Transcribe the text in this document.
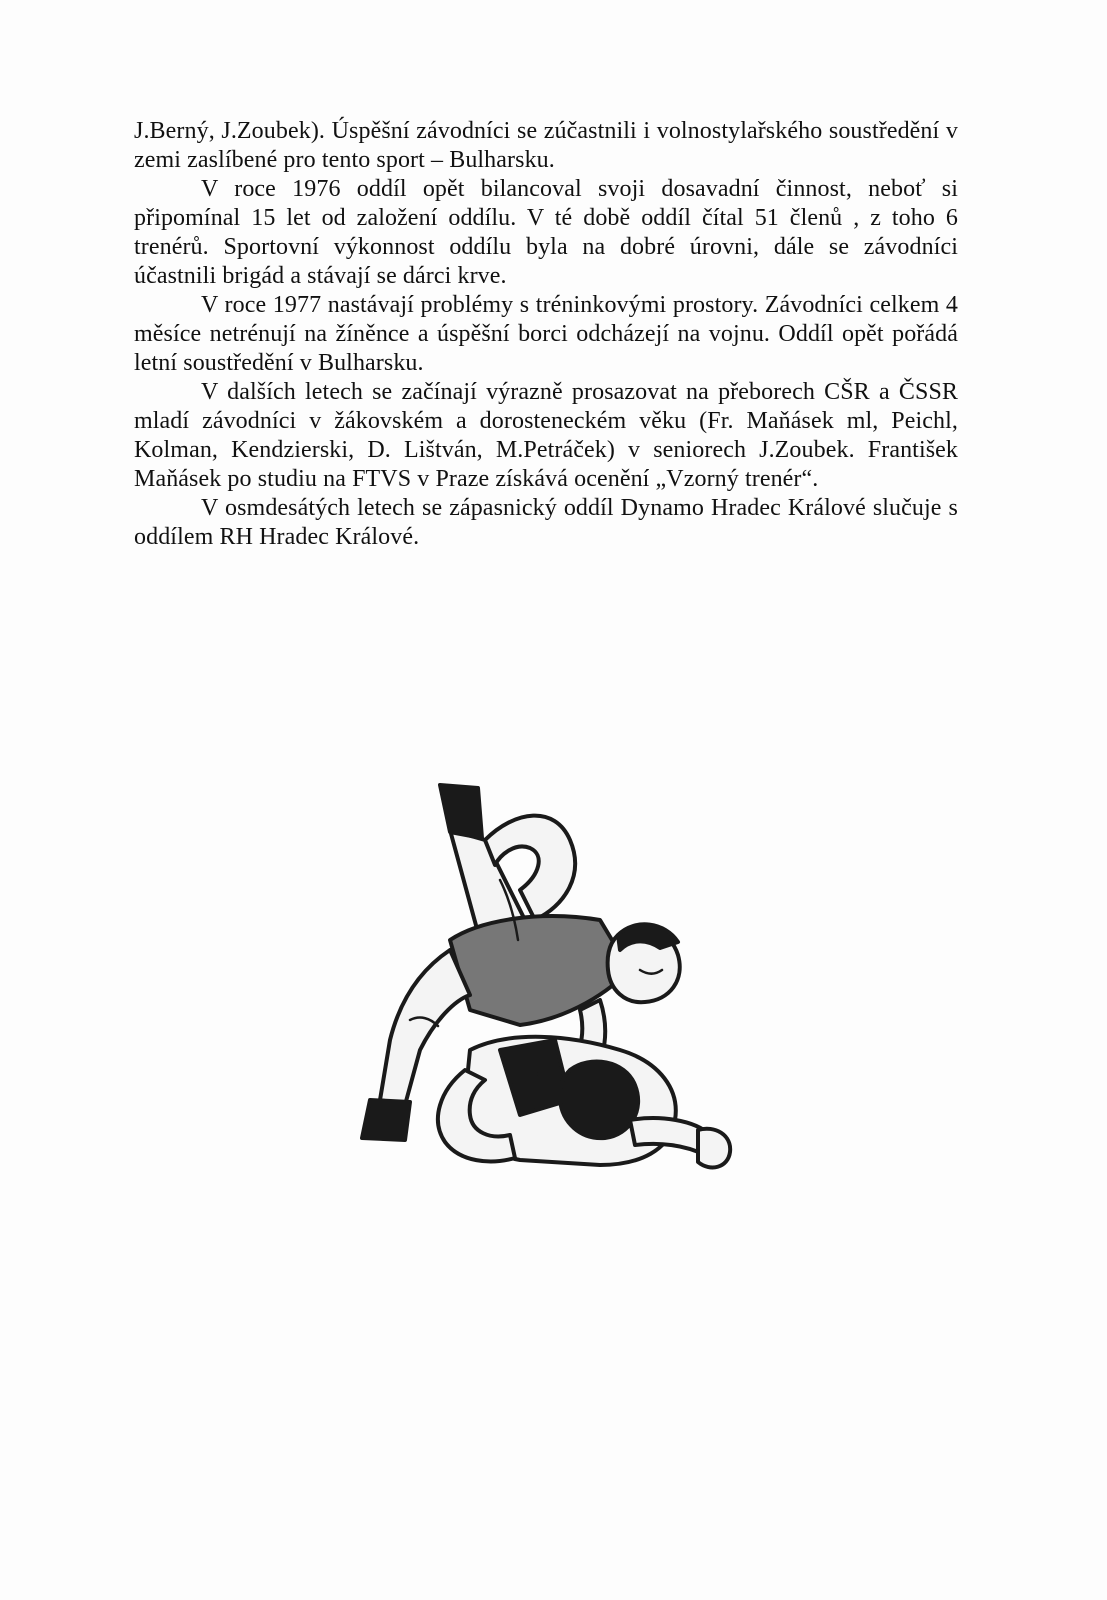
J.Berný, J.Zoubek). Úspěšní závodníci se zúčastnili i volnostylařského soustředění v zemi zaslíbené pro tento sport – Bulharsku.

V roce 1976 oddíl opět bilancoval svoji dosavadní činnost, neboť si připomínal 15 let od založení oddílu. V té době oddíl čítal 51 členů , z toho 6 trenérů. Sportovní výkonnost oddílu byla na dobré úrovni, dále se závodníci účastnili brigád a stávají se dárci krve.

V roce 1977 nastávají problémy s tréninkovými prostory. Závodníci celkem 4 měsíce netrénují na žíněnce a úspěšní borci odcházejí na vojnu. Oddíl opět pořádá letní soustředění v Bulharsku.

V dalších letech se začínají výrazně prosazovat na přeborech CŠR a ČSSR mladí závodníci v žákovském a dorosteneckém věku (Fr. Maňásek ml, Peichl, Kolman, Kendzierski, D. Lištván, M.Petráček) v seniorech J.Zoubek. František Maňásek po studiu na FTVS v Praze získává ocenění „Vzorný trenér“.

V osmdesátých letech se zápasnický oddíl Dynamo Hradec Králové slučuje s oddílem RH Hradec Králové.
